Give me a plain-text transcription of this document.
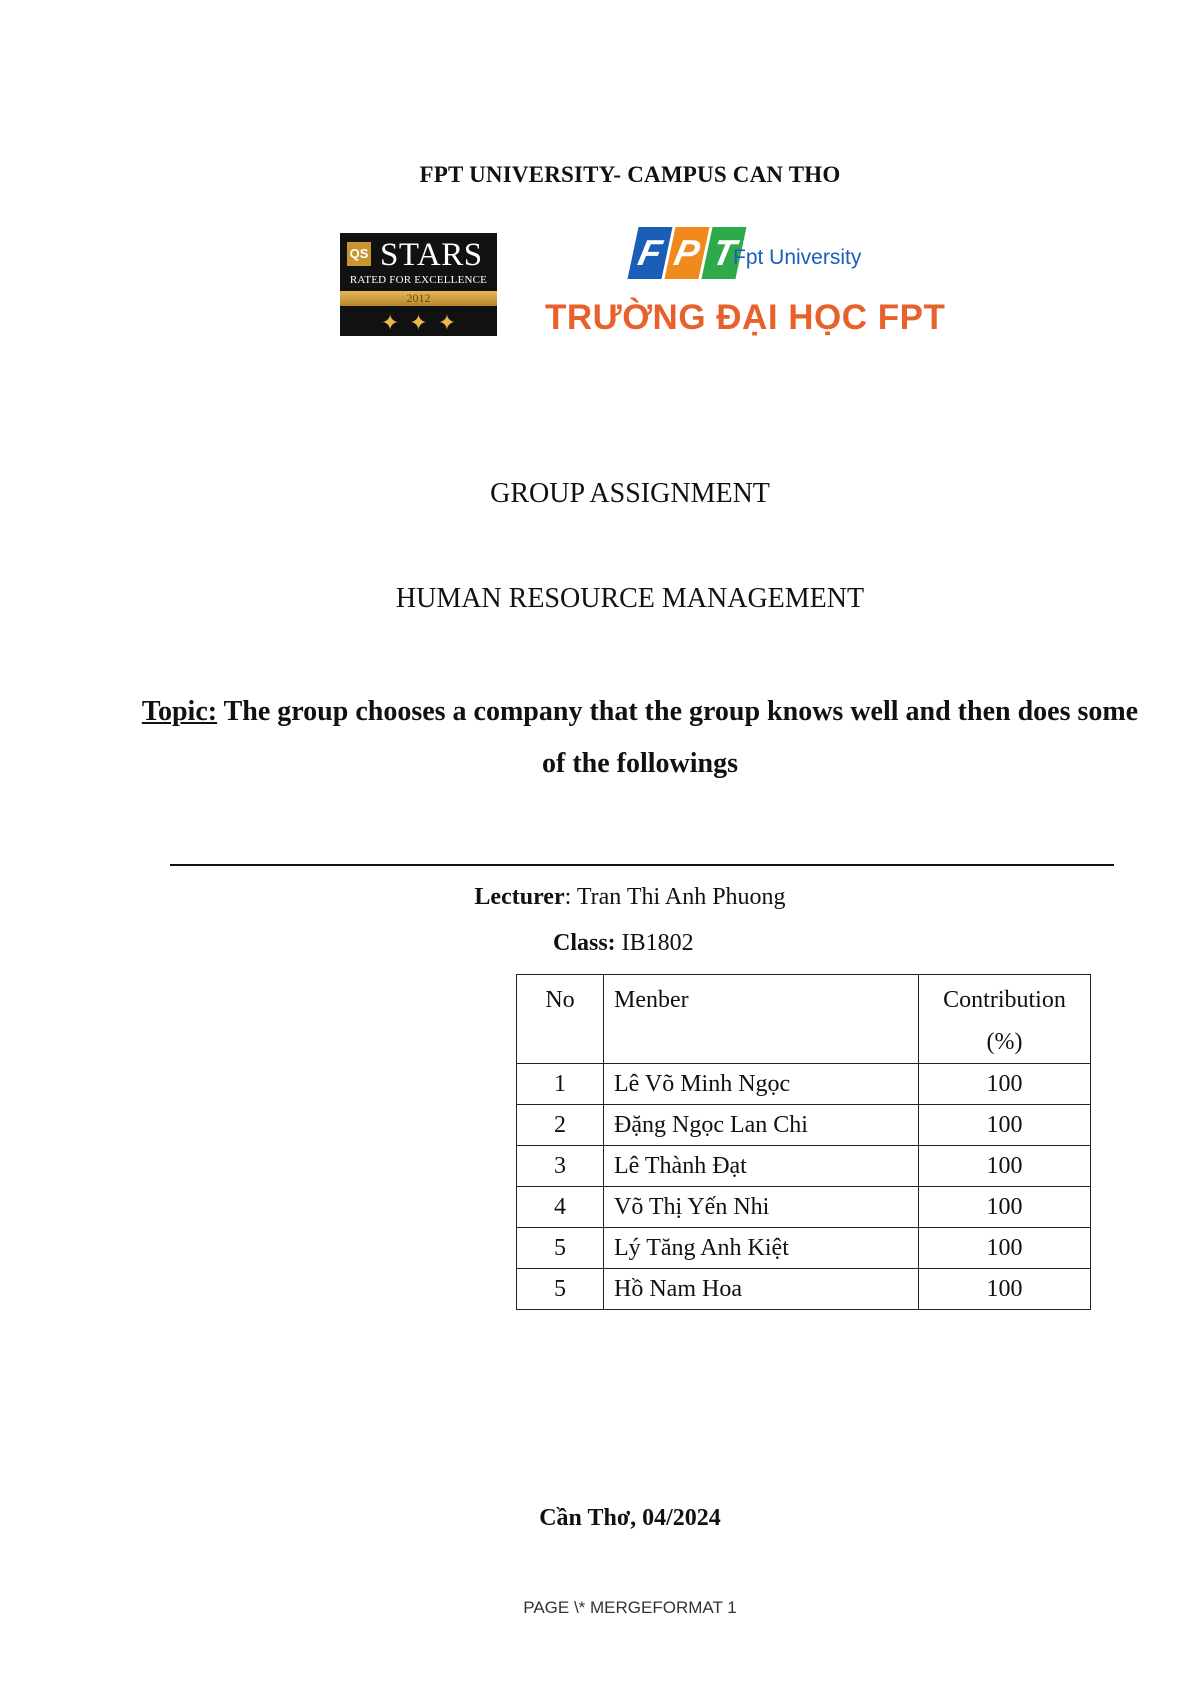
FPT UNIVERSITY- CAMPUS CAN THO
QS STARS
RATED FOR EXCELLENCE
2012
✦ ✦ ✦
F P T
Fpt University
TRƯỜNG ĐẠI HỌC FPT
GROUP ASSIGNMENT
HUMAN RESOURCE MANAGEMENT
Topic: The group chooses a company that the group knows well and then does some of the followings
Lecturer: Tran Thi Anh Phuong
Class: IB1802
No	Menber	Contribution
(%)
1	Lê Võ Minh Ngọc	100
2	Đặng Ngọc Lan Chi	100
3	Lê Thành Đạt	100
4	Võ Thị Yến Nhi	100
5	Lý Tăng Anh Kiệt	100
5	Hồ Nam Hoa	100
Cần Thơ, 04/2024
PAGE \* MERGEFORMAT 1
